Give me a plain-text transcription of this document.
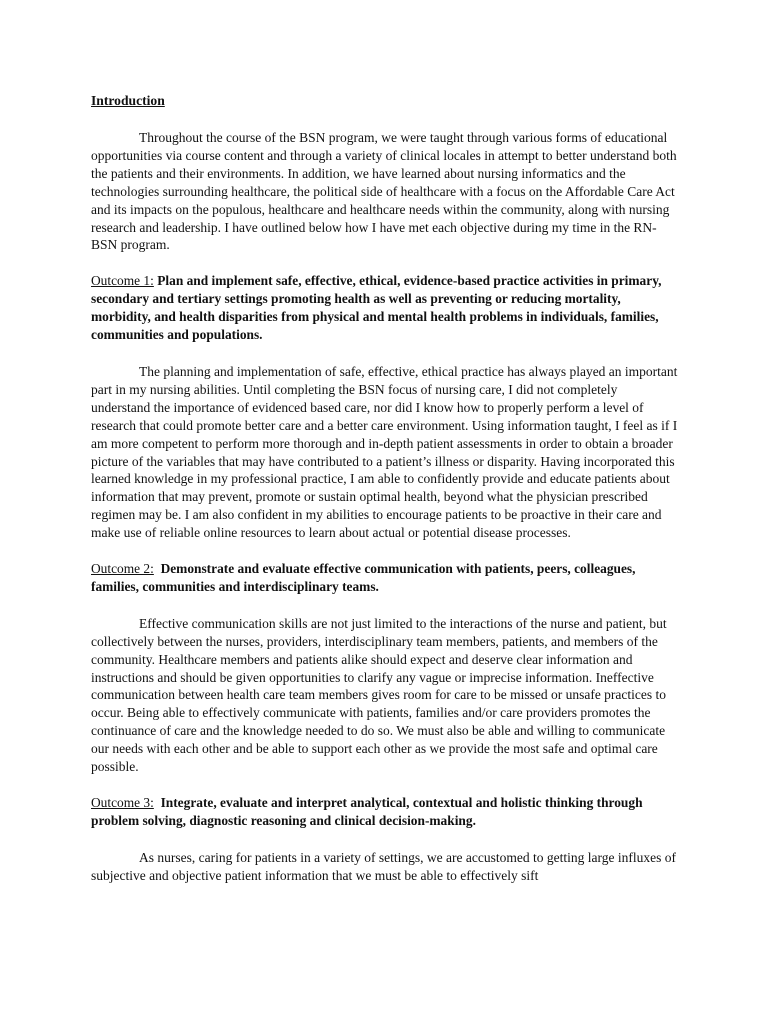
Introduction

Throughout the course of the BSN program, we were taught through various forms of educational opportunities via course content and through a variety of clinical locales in attempt to better understand both the patients and their environments. In addition, we have learned about nursing informatics and the technologies surrounding healthcare, the political side of healthcare with a focus on the Affordable Care Act and its impacts on the populous, healthcare and healthcare needs within the community, along with nursing research and leadership. I have outlined below how I have met each objective during my time in the RN-BSN program.

Outcome 1: Plan and implement safe, effective, ethical, evidence-based practice activities in primary, secondary and tertiary settings promoting health as well as preventing or reducing mortality, morbidity, and health disparities from physical and mental health problems in individuals, families, communities and populations.

The planning and implementation of safe, effective, ethical practice has always played an important part in my nursing abilities. Until completing the BSN focus of nursing care, I did not completely understand the importance of evidenced based care, nor did I know how to properly perform a level of research that could promote better care and a better care environment. Using information taught, I feel as if I am more competent to perform more thorough and in-depth patient assessments in order to obtain a broader picture of the variables that may have contributed to a patient’s illness or disparity. Having incorporated this learned knowledge in my professional practice, I am able to confidently provide and educate patients about information that may prevent, promote or sustain optimal health, beyond what the physician prescribed regimen may be. I am also confident in my abilities to encourage patients to be proactive in their care and make use of reliable online resources to learn about actual or potential disease processes.

Outcome 2: Demonstrate and evaluate effective communication with patients, peers, colleagues, families, communities and interdisciplinary teams.

Effective communication skills are not just limited to the interactions of the nurse and patient, but collectively between the nurses, providers, interdisciplinary team members, patients, and members of the community. Healthcare members and patients alike should expect and deserve clear information and instructions and should be given opportunities to clarify any vague or imprecise information. Ineffective communication between health care team members gives room for care to be missed or unsafe practices to occur. Being able to effectively communicate with patients, families and/or care providers promotes the continuance of care and the knowledge needed to do so. We must also be able and willing to communicate our needs with each other and be able to support each other as we provide the most safe and optimal care possible.

Outcome 3: Integrate, evaluate and interpret analytical, contextual and holistic thinking through problem solving, diagnostic reasoning and clinical decision-making.

As nurses, caring for patients in a variety of settings, we are accustomed to getting large influxes of subjective and objective patient information that we must be able to effectively sift
